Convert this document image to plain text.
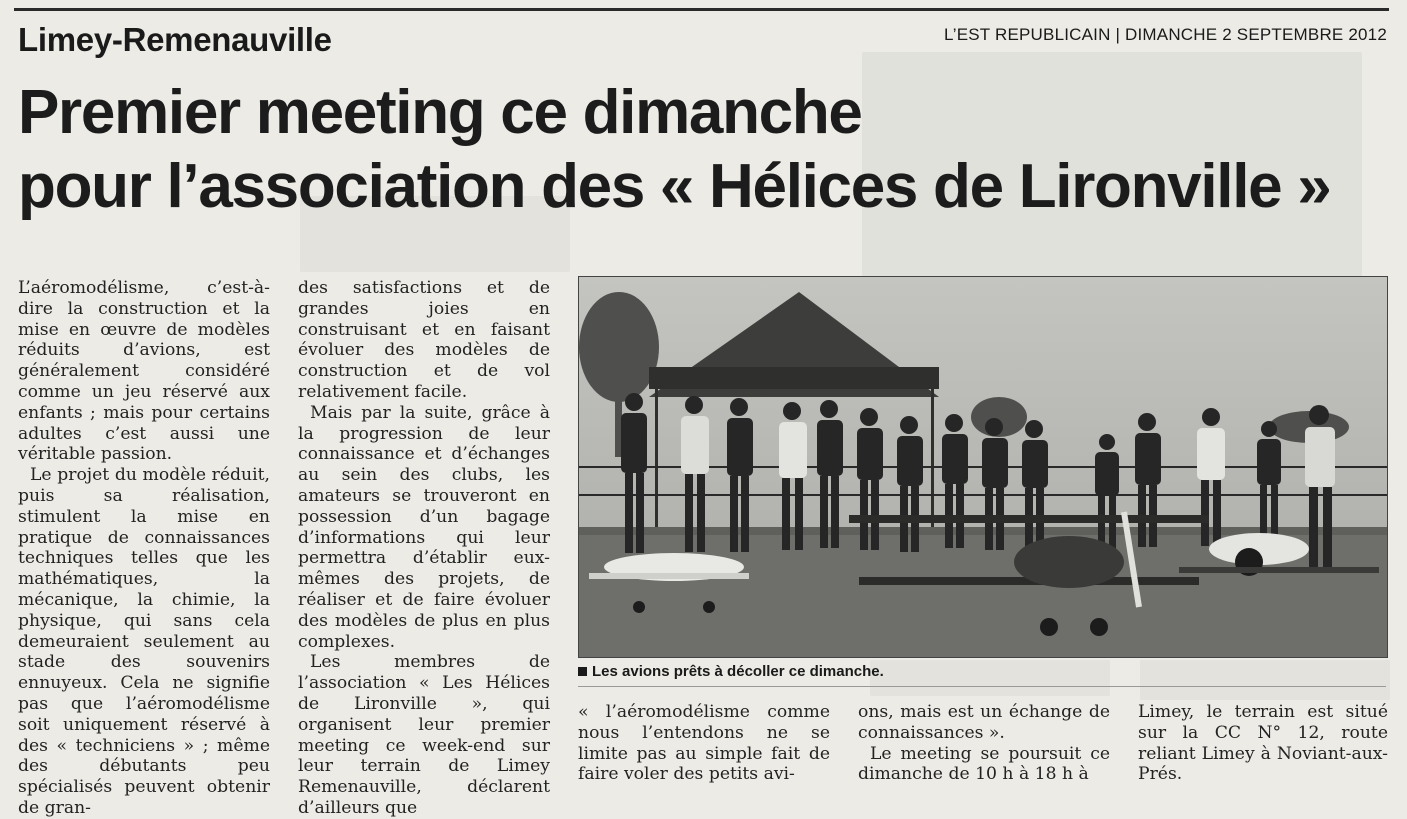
Limey-Remenauville	L’EST REPUBLICAIN | DIMANCHE 2 SEPTEMBRE 2012
Premier meeting ce dimanche
pour l’association des « Hélices de Lironville »

L’aéromodélisme, c’est-à-dire la construction et la mise en œuvre de modèles réduits d’avions, est généralement considéré comme un jeu réservé aux enfants ; mais pour certains adultes c’est aussi une véritable passion.

Le projet du modèle réduit, puis sa réalisation, stimulent la mise en pratique de connaissances techniques telles que les mathématiques, la mécanique, la chimie, la physique, qui sans cela demeuraient seulement au stade des souvenirs ennuyeux. Cela ne signifie pas que l’aéromodélisme soit uniquement réservé à des « techniciens » ; même des débutants peu spécialisés peuvent obtenir de gran-

des satisfactions et de grandes joies en construisant et en faisant évoluer des modèles de construction et de vol relativement facile.

Mais par la suite, grâce à la progression de leur connaissance et d’échanges au sein des clubs, les amateurs se trouveront en possession d’un bagage d’informations qui leur permettra d’établir eux-mêmes des projets, de réaliser et de faire évoluer des modèles de plus en plus complexes.

Les membres de l’association « Les Hélices de Lironville », qui organisent leur premier meeting ce week-end sur leur terrain de Limey Remenauville, déclarent d’ailleurs que

Les avions prêts à décoller ce dimanche.

« l’aéromodélisme comme nous l’entendons ne se limite pas au simple fait de faire voler des petits avi-

ons, mais est un échange de connaissances ».

Le meeting se poursuit ce dimanche de 10 h à 18 h à

Limey, le terrain est situé sur la CC N° 12, route reliant Limey à Noviant-aux-Prés.
